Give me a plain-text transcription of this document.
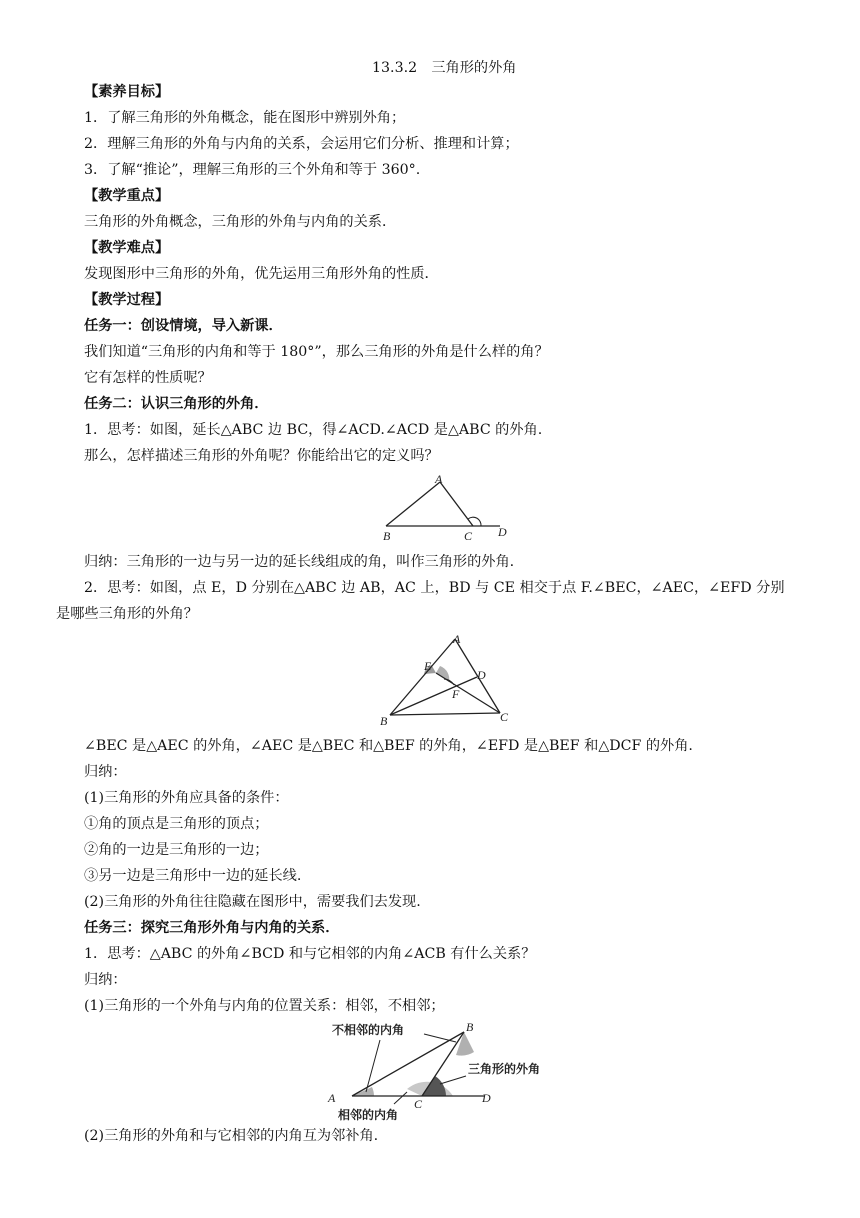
13.3.2　三角形的外角
【素养目标】
1．了解三角形的外角概念，能在图形中辨别外角；
2．理解三角形的外角与内角的关系，会运用它们分析、推理和计算；
3．了解“推论”，理解三角形的三个外角和等于 360°.
【教学重点】
三角形的外角概念，三角形的外角与内角的关系．
【教学难点】
发现图形中三角形的外角，优先运用三角形外角的性质．
【教学过程】
任务一：创设情境，导入新课．
我们知道“三角形的内角和等于 180°”，那么三角形的外角是什么样的角？
它有怎样的性质呢？
任务二：认识三角形的外角．
1．思考：如图，延长△ABC 边 BC，得∠ACD.∠ACD 是△ABC 的外角.
那么，怎样描述三角形的外角呢？你能给出它的定义吗？
A
B	C D
归纳：三角形的一边与另一边的延长线组成的角，叫作三角形的外角.
2．思考：如图，点 E，D 分别在△ABC 边 AB，AC 上，BD 与 CE 相交于点 F.∠BEC，∠AEC，∠EFD 分别
是哪些三角形的外角？
A
E
D
F
B	C
∠BEC 是△AEC 的外角，∠AEC 是△BEC 和△BEF 的外角，∠EFD 是△BEF 和△DCF 的外角.
归纳：
(1)三角形的外角应具备的条件：
①角的顶点是三角形的顶点；
②角的一边是三角形的一边；
③另一边是三角形中一边的延长线.
(2)三角形的外角往往隐藏在图形中，需要我们去发现.
任务三：探究三角形外角与内角的关系．
1．思考：△ABC 的外角∠BCD 和与它相邻的内角∠ACB 有什么关系？
归纳：
(1)三角形的一个外角与内角的位置关系：相邻，不相邻；
不相邻的内角
三角形的外角
相邻的内角
A
B
C	D
(2)三角形的外角和与它相邻的内角互为邻补角.
